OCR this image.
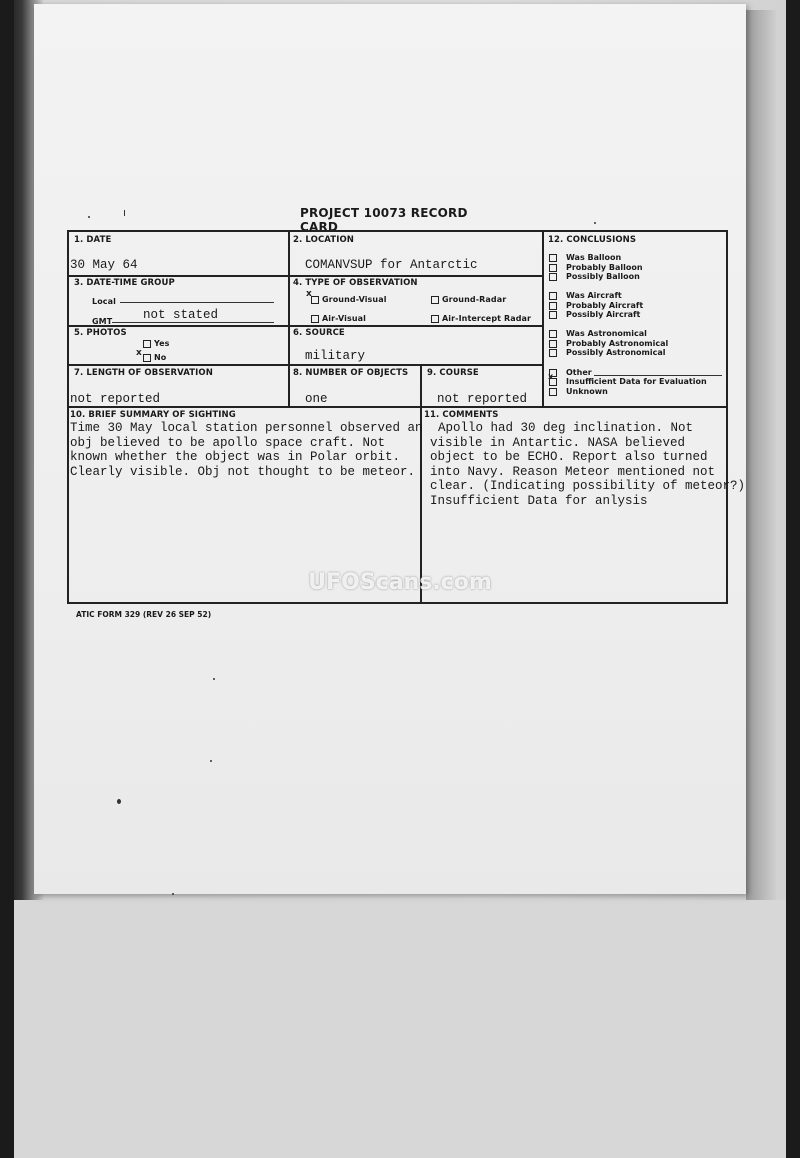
PROJECT 10073 RECORD CARD
1. DATE
30 May 64
2. LOCATION
COMANVSUP for Antarctic
3. DATE-TIME GROUP
Local
GMT not stated
4. TYPE OF OBSERVATION
x
Ground-Visual	Ground-Radar
Air-Visual	Air-Intercept Radar
5. PHOTOS
Yes
x No
6. SOURCE
military
7. LENGTH OF OBSERVATION
not reported
8. NUMBER OF OBJECTS
one
9. COURSE
not reported
12. CONCLUSIONS
Was Balloon
Probably Balloon
Possibly Balloon
Was Aircraft
Probably Aircraft
Possibly Aircraft
Was Astronomical
Probably Astronomical
Possibly Astronomical
Other
x
Insufficient Data for Evaluation
Unknown
10. BRIEF SUMMARY OF SIGHTING
Time 30 May local station personnel observed an
obj believed to be apollo space craft. Not
known whether the object was in Polar orbit.
Clearly visible. Obj not thought to be meteor.
11. COMMENTS
Apollo had 30 deg inclination. Not
visible in Antartic. NASA believed
object to be ECHO. Report also turned
into Navy. Reason Meteor mentioned not
clear. (Indicating possibility of meteor?)
Insufficient Data for anlysis
ATIC FORM 329 (REV 26 SEP 52)
UFOScans.com
